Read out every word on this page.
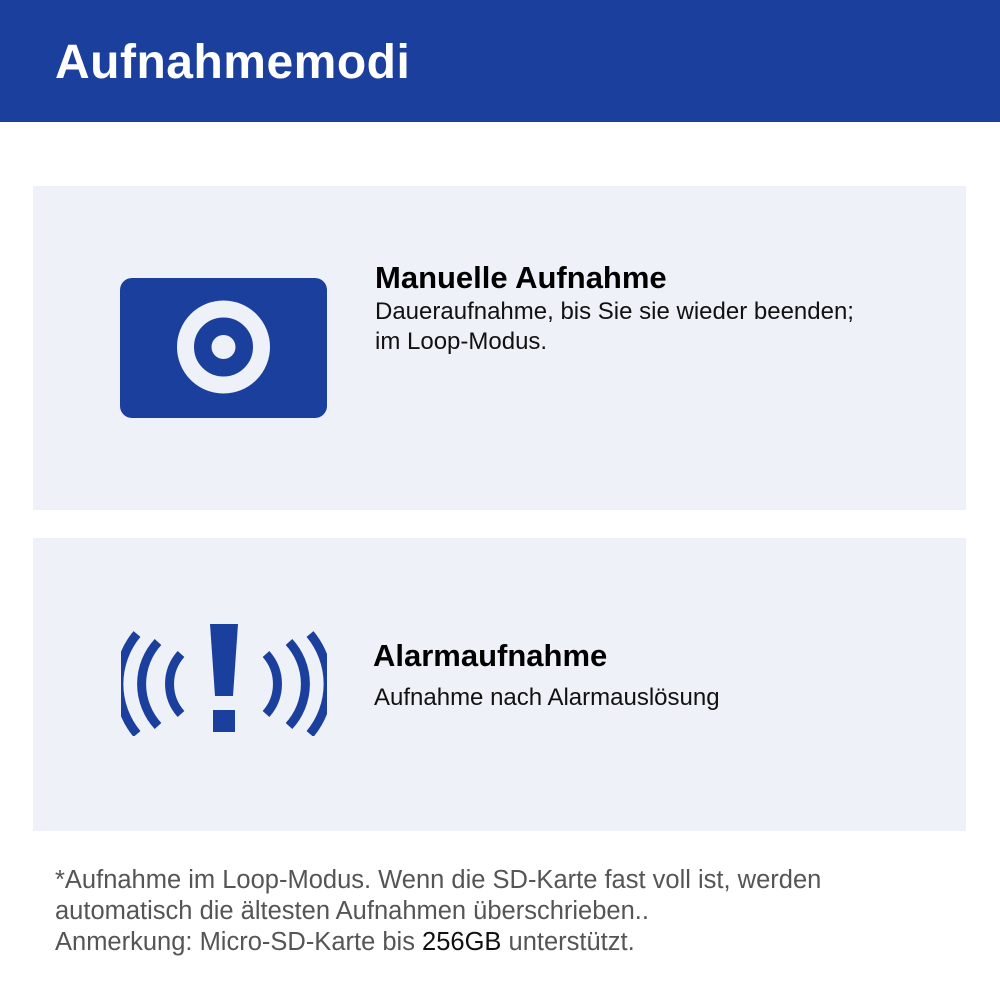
Aufnahmemodi
Manuelle Aufnahme
Daueraufnahme, bis Sie sie wieder beenden;
im Loop-Modus.
Alarmaufnahme
Aufnahme nach Alarmauslösung
*Aufnahme im Loop-Modus. Wenn die SD-Karte fast voll ist, werden
automatisch die ältesten Aufnahmen überschrieben..
Anmerkung: Micro-SD-Karte bis 256GB unterstützt.
